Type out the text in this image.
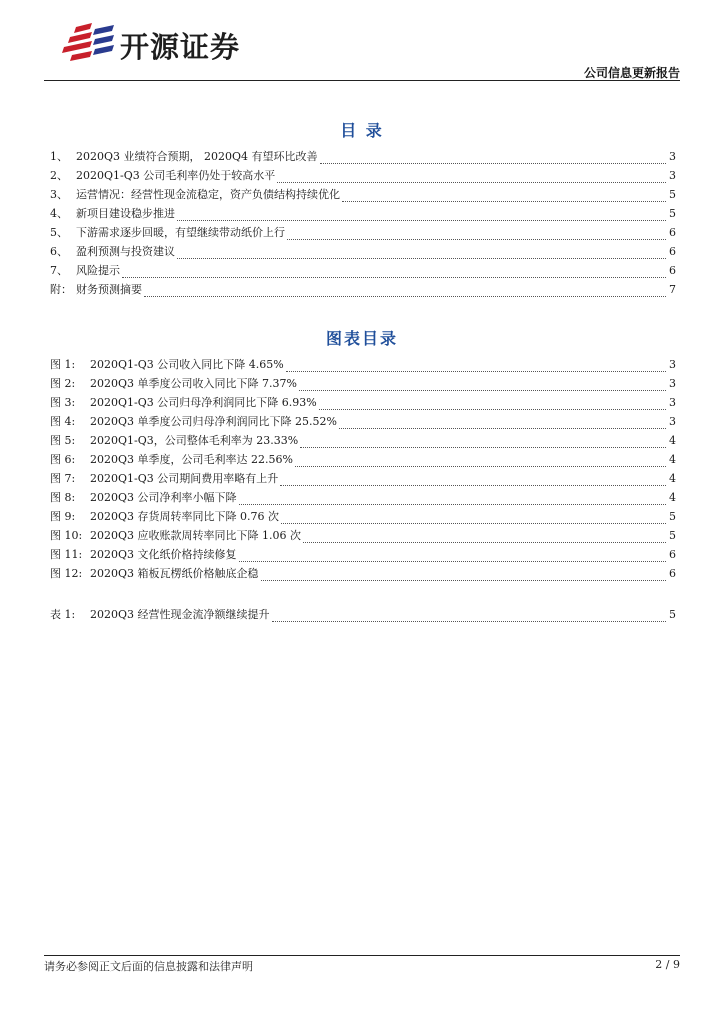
开源证券
公司信息更新报告
目 录
1、 2020Q3 业绩符合预期， 2020Q4 有望环比改善	3
2、 2020Q1-Q3 公司毛利率仍处于较高水平	3
3、 运营情况：经营性现金流稳定，资产负债结构持续优化	5
4、 新项目建设稳步推进	5
5、 下游需求逐步回暖，有望继续带动纸价上行	6
6、 盈利预测与投资建议	6
7、 风险提示	6
附： 财务预测摘要	7
图表目录
图 1:	2020Q1-Q3 公司收入同比下降 4.65%	3
图 2:	2020Q3 单季度公司收入同比下降 7.37%	3
图 3:	2020Q1-Q3 公司归母净利润同比下降 6.93%	3
图 4:	2020Q3 单季度公司归母净利润同比下降 25.52%	3
图 5:	2020Q1-Q3，公司整体毛利率为 23.33%	4
图 6:	2020Q3 单季度，公司毛利率达 22.56%	4
图 7:	2020Q1-Q3 公司期间费用率略有上升	4
图 8:	2020Q3 公司净利率小幅下降	4
图 9:	2020Q3 存货周转率同比下降 0.76 次	5
图 10: 2020Q3 应收账款周转率同比下降 1.06 次	5
图 11: 2020Q3 文化纸价格持续修复	6
图 12: 2020Q3 箱板瓦楞纸价格触底企稳	6
表 1:	2020Q3 经营性现金流净额继续提升	5
请务必参阅正文后面的信息披露和法律声明	2 / 9
